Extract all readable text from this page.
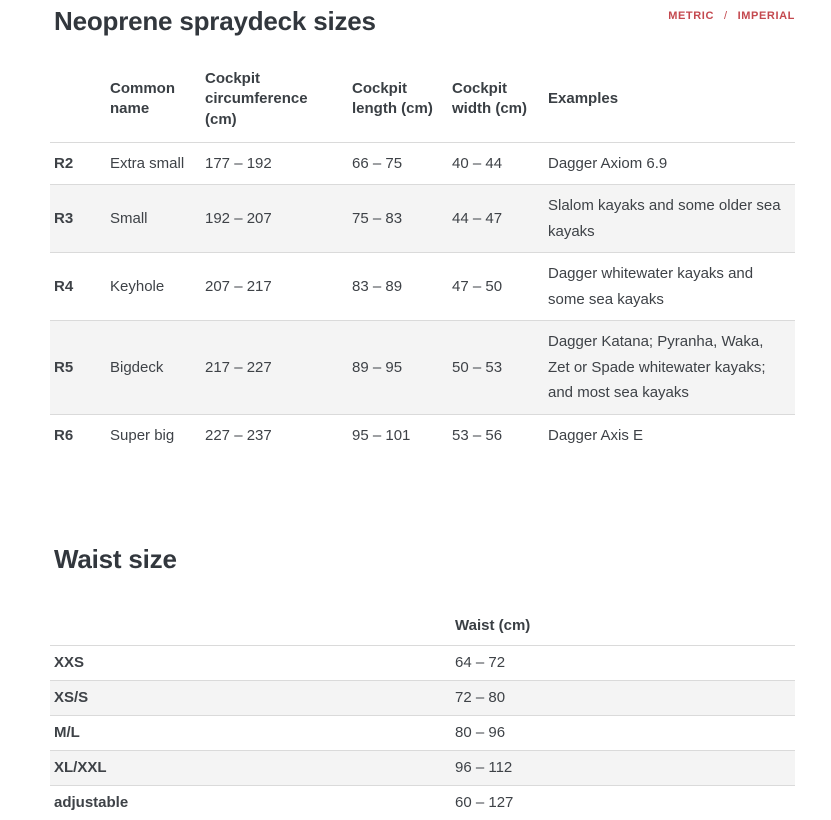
Neoprene spraydeck sizes	METRIC / IMPERIAL
	Common name	Cockpit circumference (cm)	Cockpit length (cm)	Cockpit width (cm)	Examples
R2	Extra small	177 – 192	66 – 75	40 – 44	Dagger Axiom 6.9
R3	Small	192 – 207	75 – 83	44 – 47	Slalom kayaks and some older sea kayaks
R4	Keyhole	207 – 217	83 – 89	47 – 50	Dagger whitewater kayaks and some sea kayaks
R5	Bigdeck	217 – 227	89 – 95	50 – 53	Dagger Katana; Pyranha, Waka, Zet or Spade whitewater kayaks; and most sea kayaks
R6	Super big	227 – 237	95 – 101	53 – 56	Dagger Axis E
Waist size
	Waist (cm)
XXS	64 – 72
XS/S	72 – 80
M/L	80 – 96
XL/XXL	96 – 112
adjustable	60 – 127
